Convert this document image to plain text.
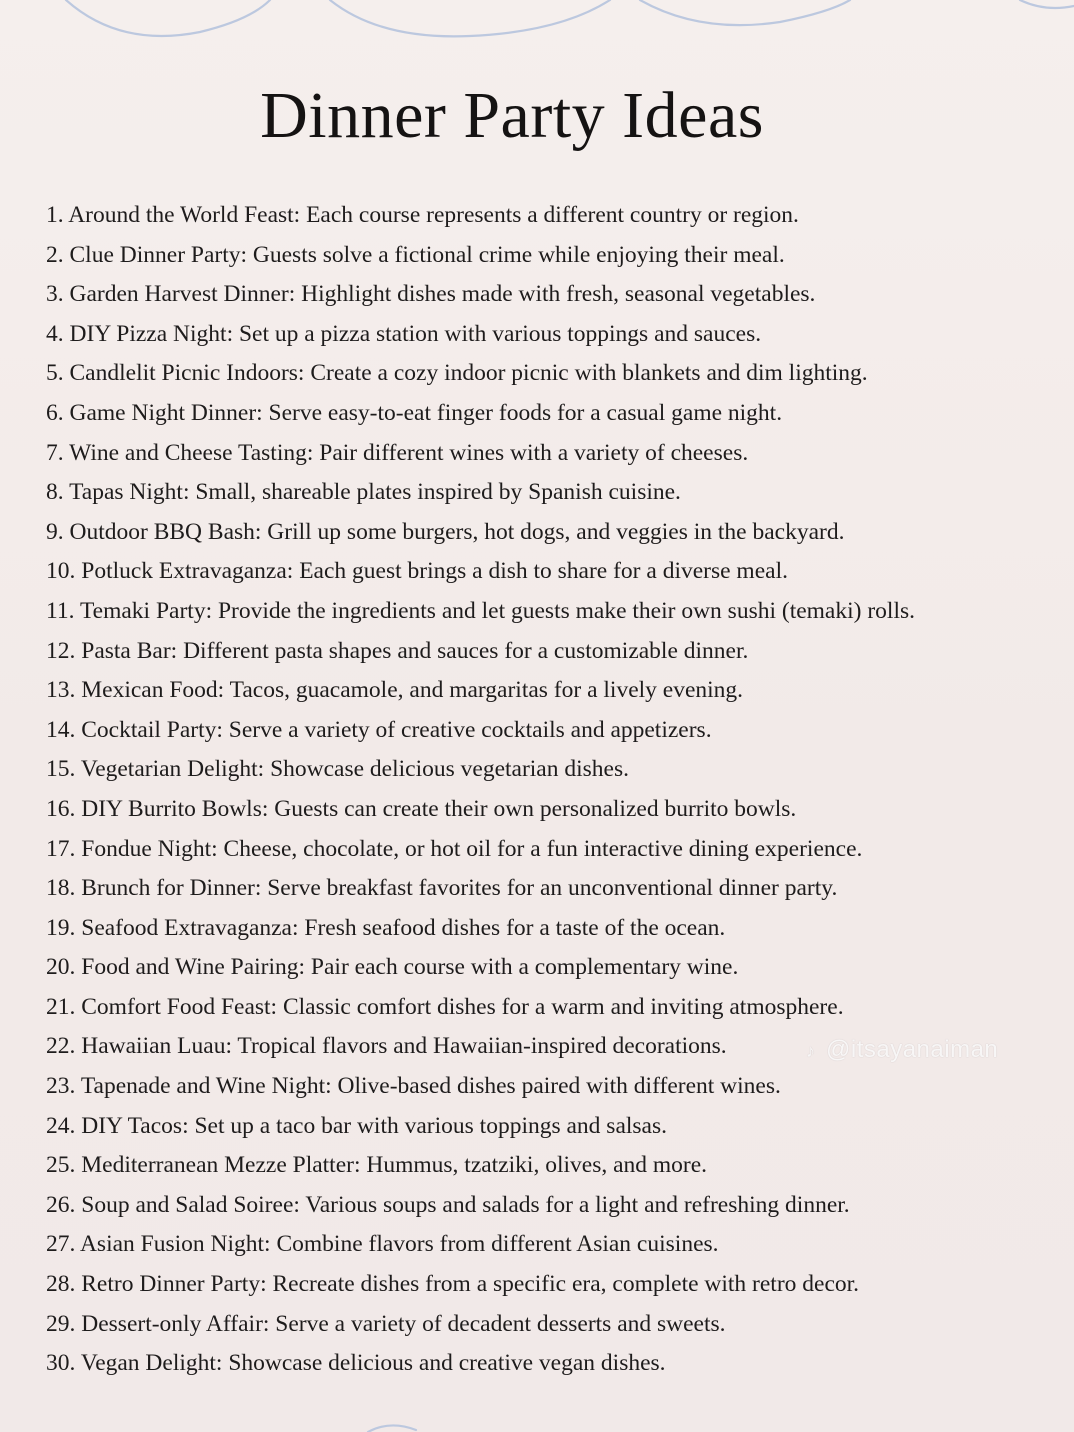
Dinner Party Ideas
1. Around the World Feast: Each course represents a different country or region.
2. Clue Dinner Party: Guests solve a fictional crime while enjoying their meal.
3. Garden Harvest Dinner: Highlight dishes made with fresh, seasonal vegetables.
4. DIY Pizza Night: Set up a pizza station with various toppings and sauces.
5. Candlelit Picnic Indoors: Create a cozy indoor picnic with blankets and dim lighting.
6. Game Night Dinner: Serve easy-to-eat finger foods for a casual game night.
7. Wine and Cheese Tasting: Pair different wines with a variety of cheeses.
8. Tapas Night: Small, shareable plates inspired by Spanish cuisine.
9. Outdoor BBQ Bash: Grill up some burgers, hot dogs, and veggies in the backyard.
10. Potluck Extravaganza: Each guest brings a dish to share for a diverse meal.
11. Temaki Party: Provide the ingredients and let guests make their own sushi (temaki) rolls.
12. Pasta Bar: Different pasta shapes and sauces for a customizable dinner.
13. Mexican Food: Tacos, guacamole, and margaritas for a lively evening.
14. Cocktail Party: Serve a variety of creative cocktails and appetizers.
15. Vegetarian Delight: Showcase delicious vegetarian dishes.
16. DIY Burrito Bowls: Guests can create their own personalized burrito bowls.
17. Fondue Night: Cheese, chocolate, or hot oil for a fun interactive dining experience.
18. Brunch for Dinner: Serve breakfast favorites for an unconventional dinner party.
19. Seafood Extravaganza: Fresh seafood dishes for a taste of the ocean.
20. Food and Wine Pairing: Pair each course with a complementary wine.
21. Comfort Food Feast: Classic comfort dishes for a warm and inviting atmosphere.
22. Hawaiian Luau: Tropical flavors and Hawaiian-inspired decorations.
23. Tapenade and Wine Night: Olive-based dishes paired with different wines.
24. DIY Tacos: Set up a taco bar with various toppings and salsas.
25. Mediterranean Mezze Platter: Hummus, tzatziki, olives, and more.
26. Soup and Salad Soiree: Various soups and salads for a light and refreshing dinner.
27. Asian Fusion Night: Combine flavors from different Asian cuisines.
28. Retro Dinner Party: Recreate dishes from a specific era, complete with retro decor.
29. Dessert-only Affair: Serve a variety of decadent desserts and sweets.
30. Vegan Delight: Showcase delicious and creative vegan dishes.
♪ @itsayanaiman
